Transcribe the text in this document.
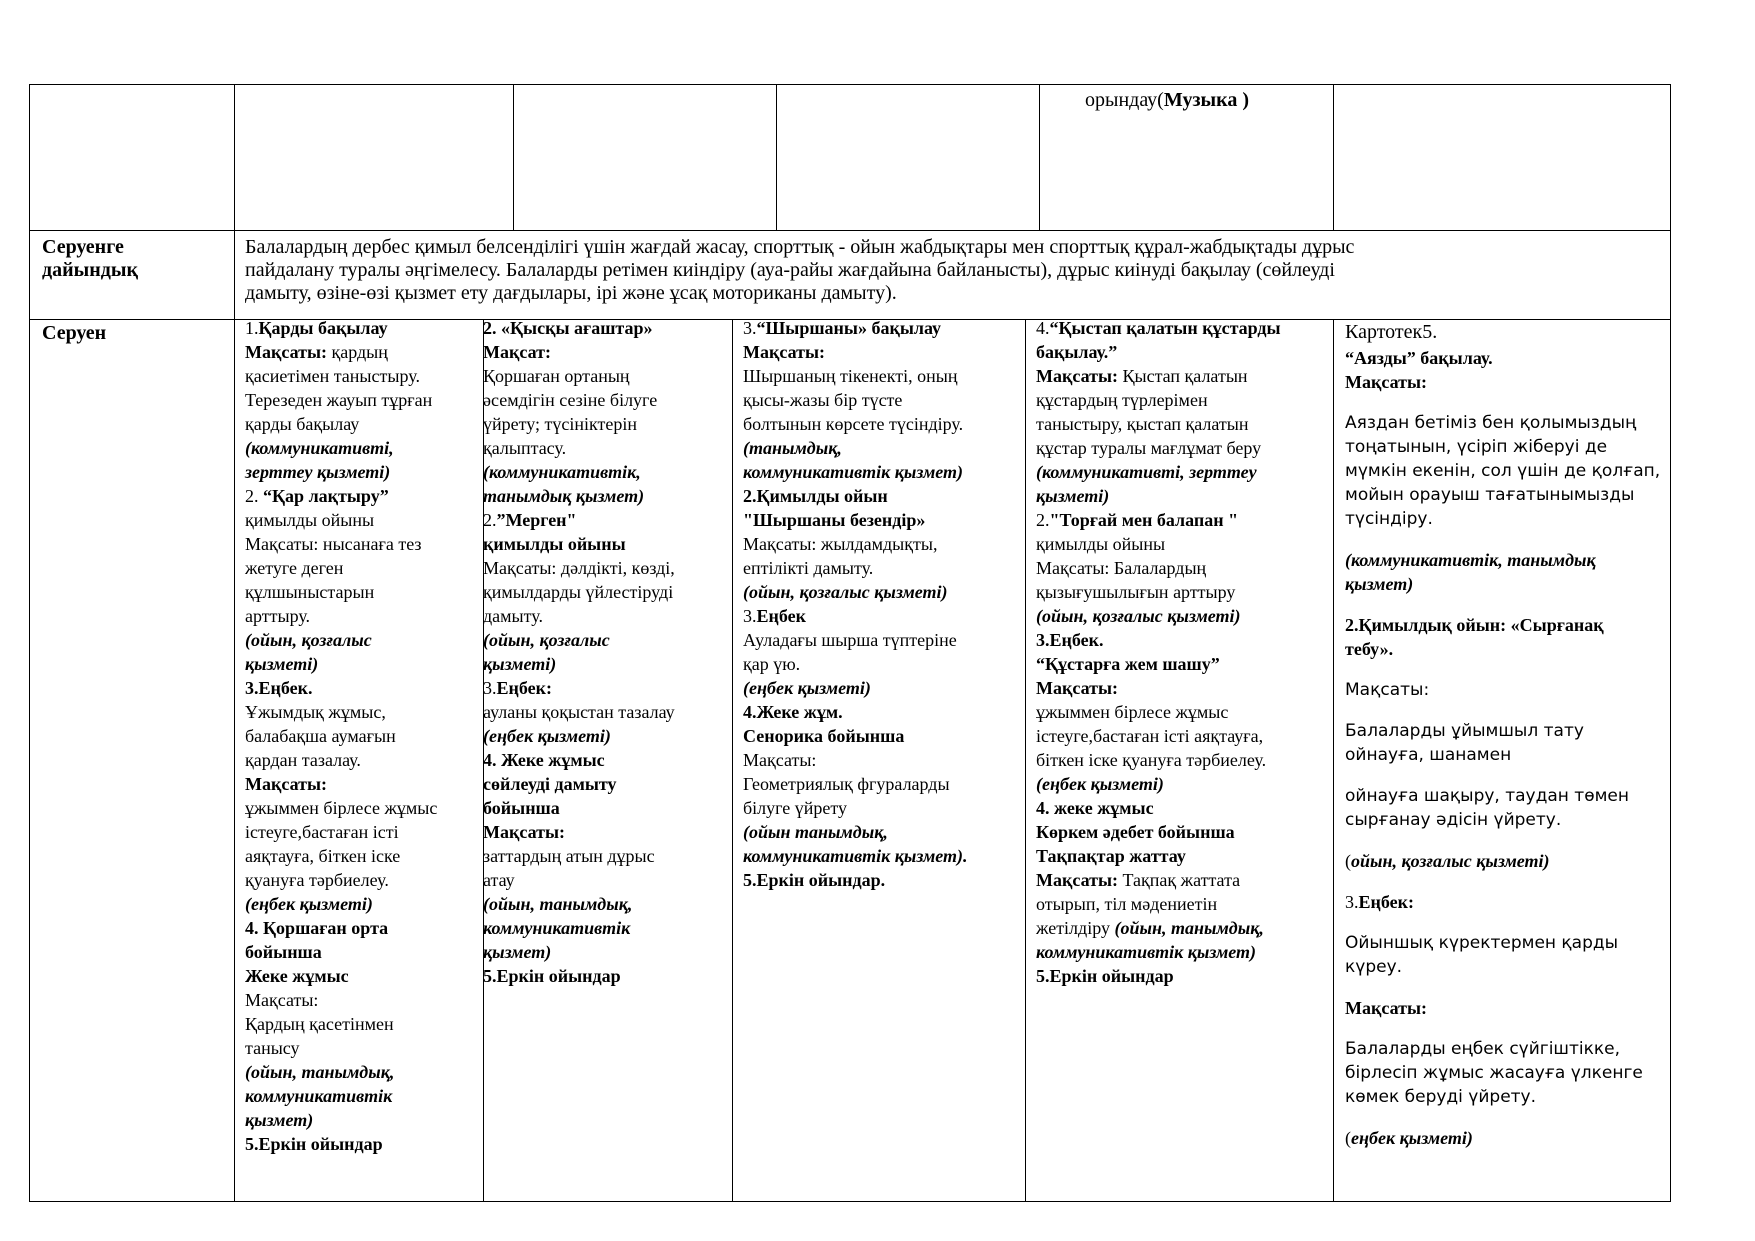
орындау(Музыка )
Серуенге
дайындық
Балалардың дербес қимыл белсенділігі үшін жағдай жасау, спорттық - ойын жабдықтары мен спорттық құрал-жабдықтады дұрыс
пайдалану туралы әңгімелесу. Балаларды ретімен киіндіру (ауа-райы жағдайына байланысты), дұрыс киінуді бақылау (сөйлеуді
дамыту, өзіне-өзі қызмет ету дағдылары, ірі және ұсақ моториканы дамыту).
Серуен	1.Қарды бақылау
Мақсаты: қардың
қасиетімен таныстыру.
Терезеден жауып тұрған
қарды бақылау
(коммуникативті,
зерттеу қызметі)
2. “Қар лақтыру”
қимылды ойыны
Мақсаты: нысанаға тез
жетуге деген
құлшыныстарын
арттыру.
(ойын, қозғалыс
қызметі)
3.Еңбек.
Ұжымдық жұмыс,
балабақша аумағын
қардан тазалау.
Мақсаты:
ұжыммен бірлесе жұмыс
істеуге,бастаған істі
аяқтауға, біткен іске
қуануға тәрбиелеу.
(еңбек қызметі)
4. Қоршаған орта
бойынша
Жеке жұмыс
Мақсаты:
Қардың қасетінмен
танысу
(ойын, танымдық,
коммуникативтік
қызмет)
5.Еркін ойындар
2. «Қысқы ағаштар»
Мақсат:
Қоршаған ортаның
әсемдігін сезіне білуге
үйрету; түсініктерін
қалыптасу.
(коммуникативтік,
танымдық қызмет)
2.”Мерген"
қимылды ойыны
Мақсаты: дәлдікті, көзді,
қимылдарды үйлестіруді
дамыту.
(ойын, қозғалыс
қызметі)
3.Еңбек:
ауланы қоқыстан тазалау
(еңбек қызметі)
4. Жеке жұмыс
сөйлеуді дамыту
бойынша
Мақсаты:
заттардың атын дұрыс
атау
(ойын, танымдық,
коммуникативтік
қызмет)
5.Еркін ойындар
3.“Шыршаны» бақылау
Мақсаты:
Шыршаның тікенекті, оның
қысы-жазы бір түсте
болтынын көрсете түсіндіру.
(танымдық,
коммуникативтік қызмет)
2.Қимылды ойын
"Шыршаны безендір»
Мақсаты: жылдамдықты,
ептілікті дамыту.
(ойын, қозғалыс қызметі)
3.Еңбек
Ауладағы шырша түптеріне
қар үю.
(еңбек қызметі)
4.Жеке жұм.
Сенорика бойынша
Мақсаты:
Геометриялық фгураларды
білуге үйрету
(ойын танымдық,
коммуникативтік қызмет).
5.Еркін ойындар.
4.“Қыстап қалатын құстарды
бақылау.”
Мақсаты: Қыстап қалатын
құстардың түрлерімен
таныстыру, қыстап қалатын
құстар туралы мағлұмат беру
(коммуникативті, зерттеу
қызметі)
2."Торғай мен балапан "
қимылды ойыны
Мақсаты: Балалардың
қызығушылығын арттыру
(ойын, қозғалыс қызметі)
3.Еңбек.
“Құстарға жем шашу”
Мақсаты:
ұжыммен бірлесе жұмыс
істеуге,бастаған істі аяқтауға,
біткен іске қуануға тәрбиелеу.
(еңбек қызметі)
4. жеке жұмыс
Көркем әдебет бойынша
Тақпақтар жаттау
Мақсаты: Тақпақ жаттата
отырып, тіл мәдениетін
жетілдіру (ойын, танымдық,
коммуникативтік қызмет)
5.Еркін ойындар
Картотек5.
“Аязды” бақылау.
Мақсаты:
Аяздан бетіміз бен қолымыздың
тоңатынын, үсіріп жіберуі де
мүмкін екенін, сол үшін де қолғап,
мойын орауыш тағатынымызды
түсіндіру.
(коммуникативтік, танымдық
қызмет)
2.Қимылдық ойын: «Сырғанақ
тебу».
Мақсаты:
Балаларды ұйымшыл тату
ойнауға, шанамен
ойнауға шақыру, таудан төмен
сырғанау әдісін үйрету.
(ойын, қозғалыс қызметі)
3.Еңбек:
Ойыншық күректермен қарды
күреу.
Мақсаты:
Балаларды еңбек сүйгіштікке,
бірлесіп жұмыс жасауға үлкенге
көмек беруді үйрету.
(еңбек қызметі)
